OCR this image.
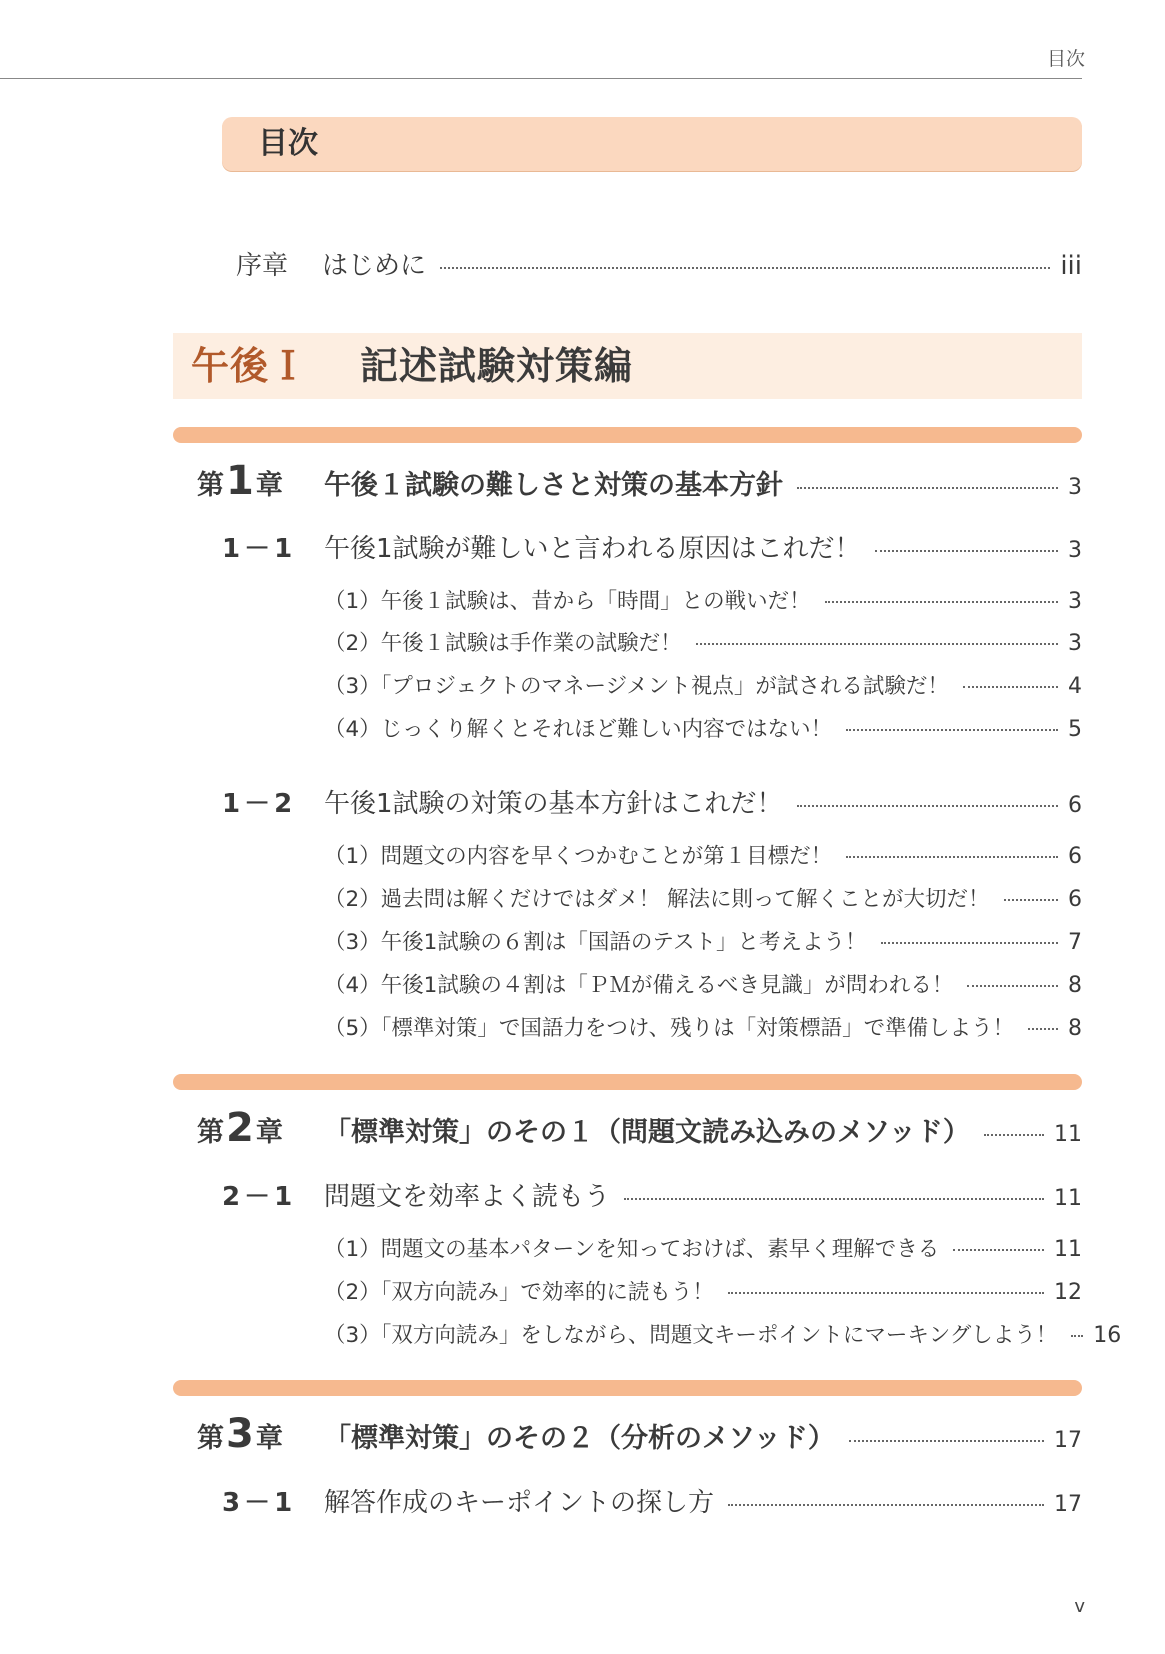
目次
目次
序章	はじめに	iii
午後Ｉ 記述試験対策編
第1章	午後１試験の難しさと対策の基本方針	3
1－1	午後1試験が難しいと言われる原因はこれだ！	3
（1）午後１試験は、昔から「時間」との戦いだ！	3
（2）午後１試験は手作業の試験だ！	3
（3）「プロジェクトのマネージメント視点」が試される試験だ！	4
（4）じっくり解くとそれほど難しい内容ではない！	5
1－2	午後1試験の対策の基本方針はこれだ！	6
（1）問題文の内容を早くつかむことが第１目標だ！	6
（2）過去問は解くだけではダメ！ 解法に則って解くことが大切だ！	6
（3）午後1試験の６割は「国語のテスト」と考えよう！	7
（4）午後1試験の４割は「ＰＭが備えるべき見識」が問われる！	8
（5）「標準対策」で国語力をつけ、残りは「対策標語」で準備しよう！ 8
第2章	「標準対策」のその１（問題文読み込みのメソッド）	11
2－1	問題文を効率よく読もう	11
（1）問題文の基本パターンを知っておけば、素早く理解できる	11
（2）「双方向読み」で効率的に読もう！	12
（3）「双方向読み」をしながら、問題文キーポイントにマーキングしよう！ 16
第3章	「標準対策」のその２（分析のメソッド）	17
3－1	解答作成のキーポイントの探し方	17
v
